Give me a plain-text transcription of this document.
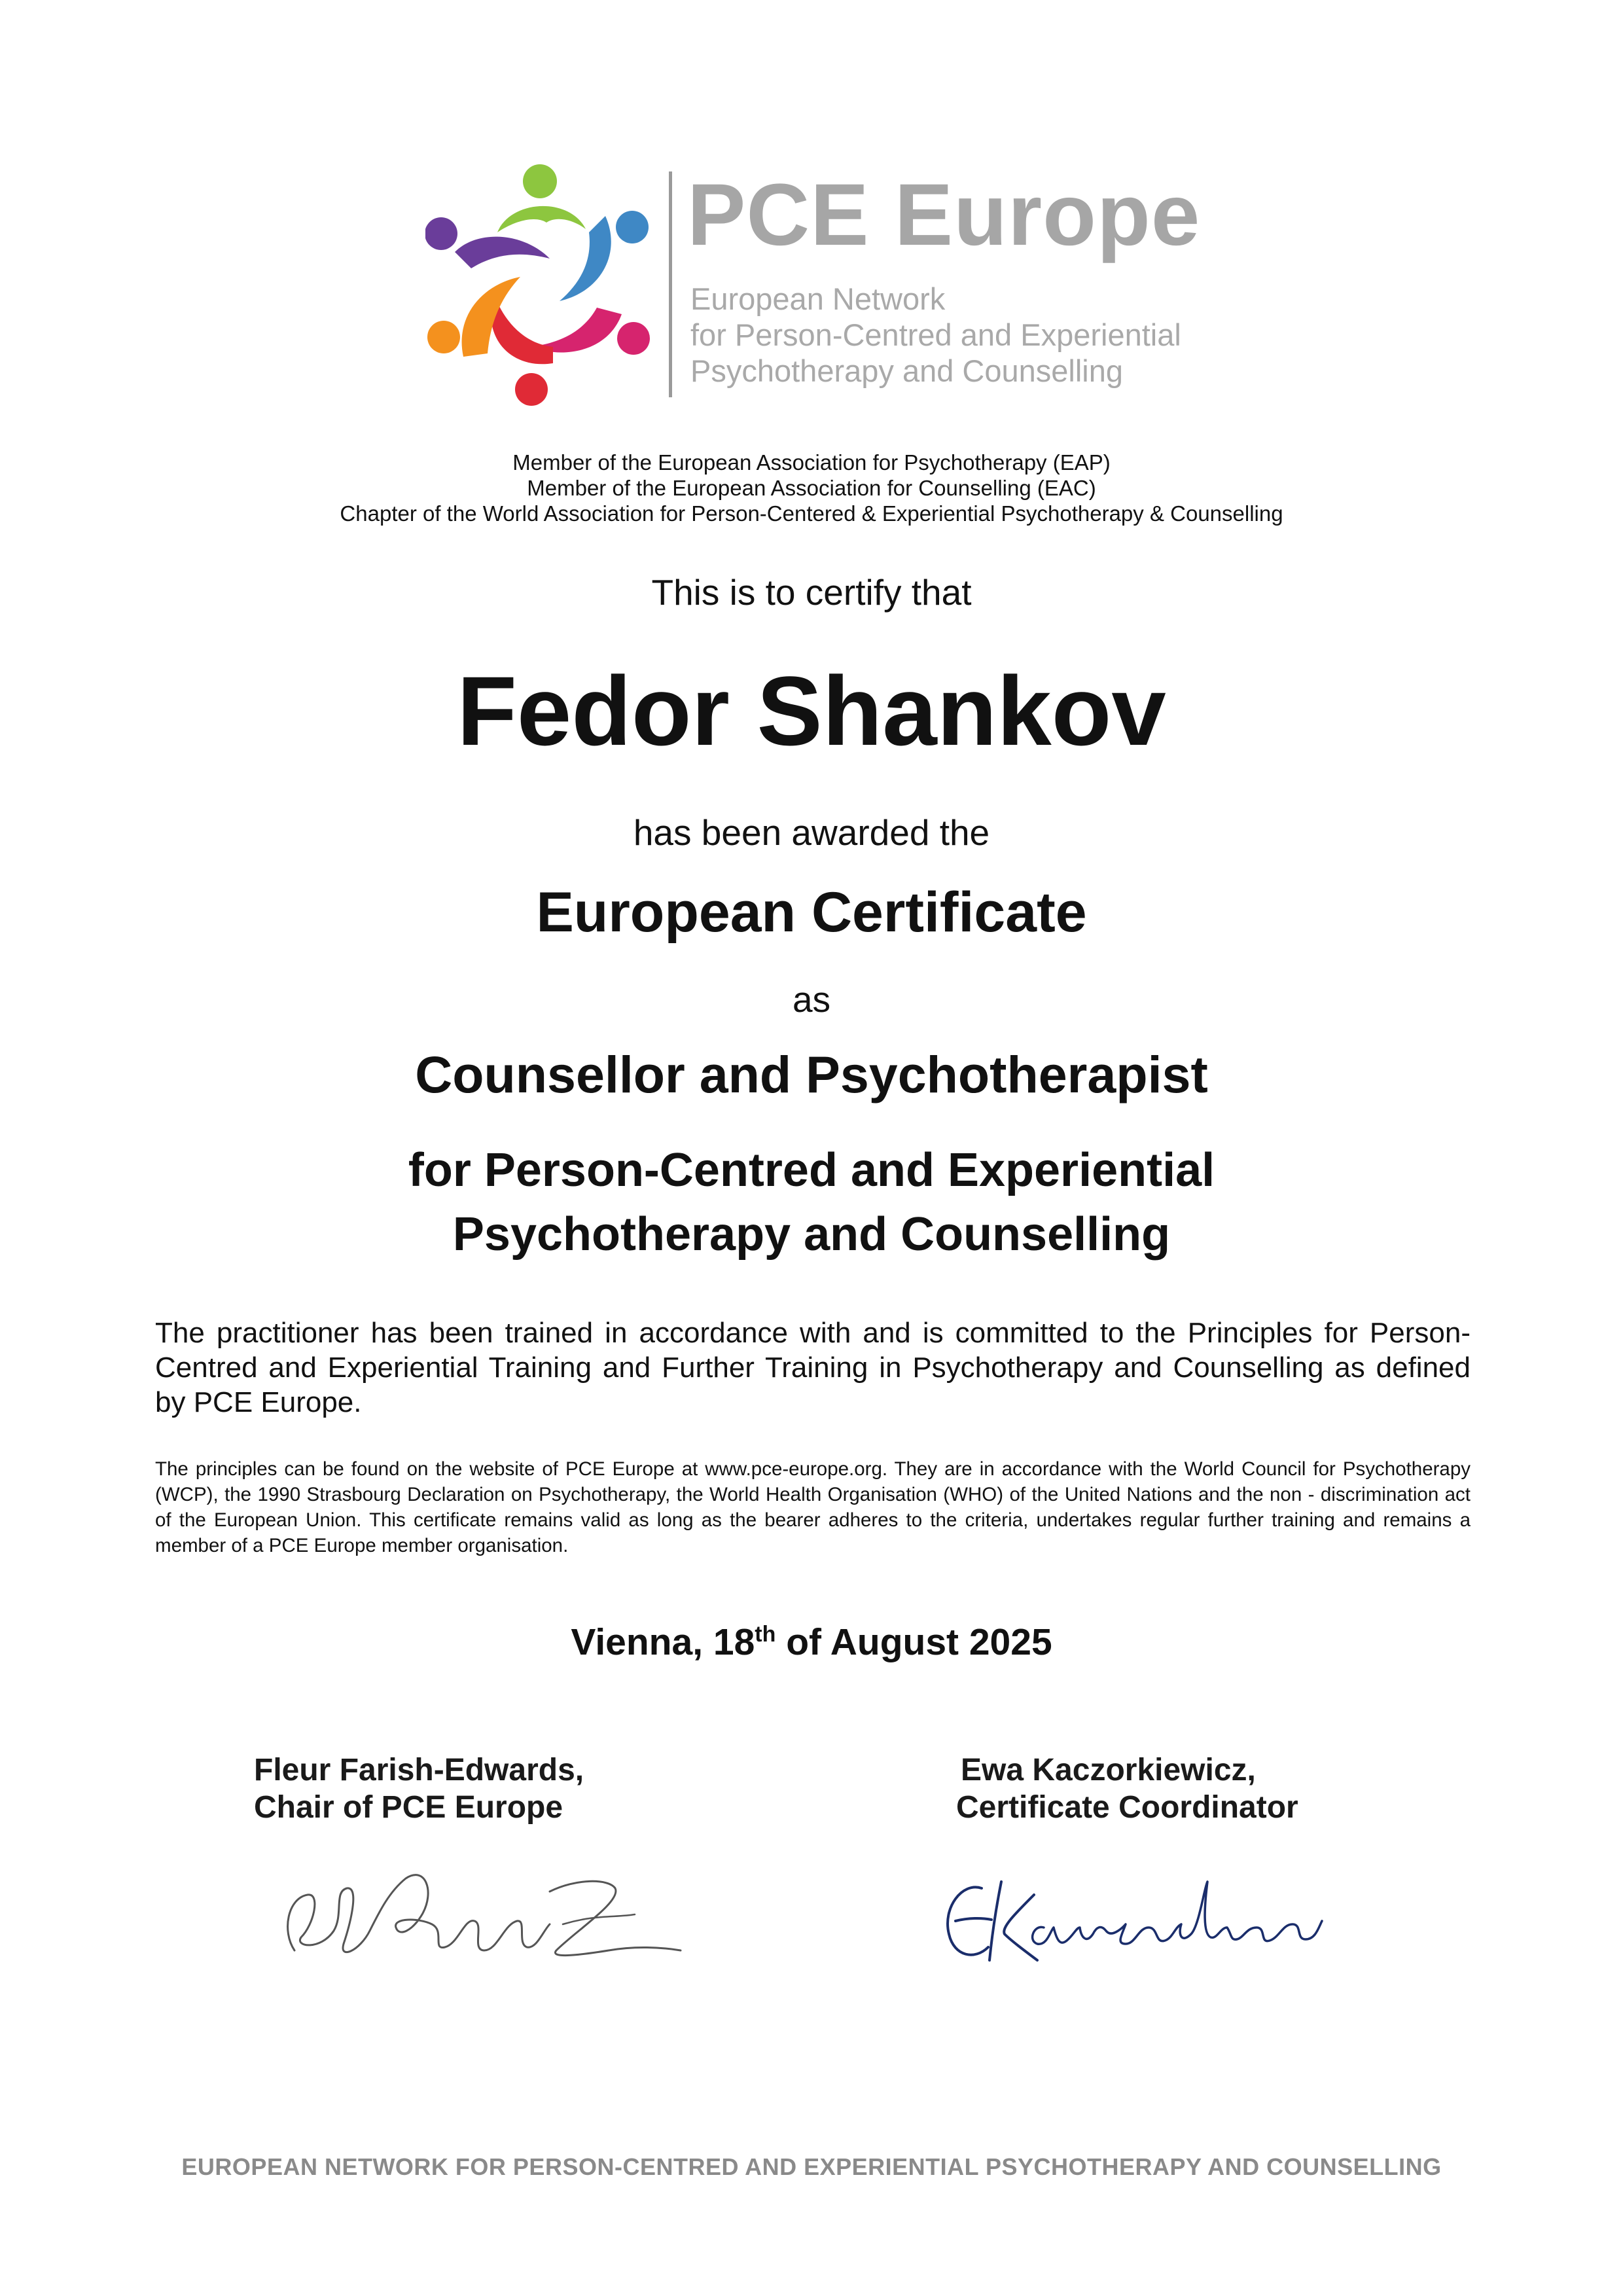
PCE Europe
European Network
for Person-Centred and Experiential
Psychotherapy and Counselling
Member of the European Association for Psychotherapy (EAP)
Member of the European Association for Counselling (EAC)
Chapter of the World Association for Person-Centered & Experiential Psychotherapy & Counselling
This is to certify that
Fedor Shankov
has been awarded the
European Certificate
as
Counsellor and Psychotherapist
for Person-Centred and Experiential
Psychotherapy and Counselling
The practitioner has been trained in accordance with and is committed to the Principles for Person-Centred and Experiential Training and Further Training in Psychotherapy and Counselling as defined by PCE Europe.
The principles can be found on the website of PCE Europe at www.pce-europe.org. They are in accordance with the World Council for Psychotherapy (WCP), the 1990 Strasbourg Declaration on Psychotherapy, the World Health Organisation (WHO) of the United Nations and the non - discrimination act of the European Union. This certificate remains valid as long as the bearer adheres to the criteria, undertakes regular further training and remains a member of a PCE Europe member organisation.
Vienna, 18th of August 2025
Fleur Farish-Edwards,
Chair of PCE Europe
Ewa Kaczorkiewicz,
Certificate Coordinator
EUROPEAN NETWORK FOR PERSON-CENTRED AND EXPERIENTIAL PSYCHOTHERAPY AND COUNSELLING
